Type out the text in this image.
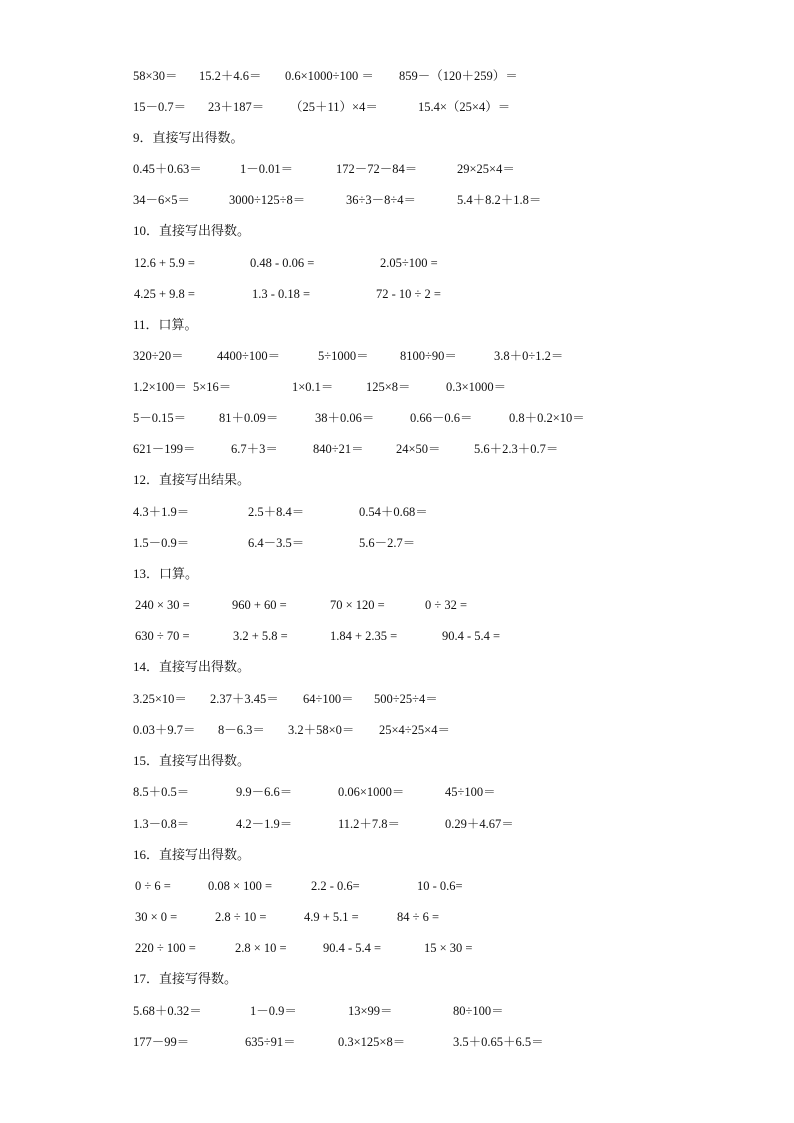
58×30＝ 15.2＋4.6＝ 0.6×1000÷100 ＝ 859－（120＋259）＝
15－0.7＝ 23＋187＝ （25＋11）×4＝	15.4×（25×4）＝
9．直接写出得数。
0.45＋0.63＝	1－0.01＝	172－72－84＝	29×25×4＝
34－6×5＝	3000÷125÷8＝	36÷3－8÷4＝	5.4＋8.2＋1.8＝
10．直接写出得数。
12.6 + 5.9 =	0.48 - 0.06 =	2.05÷100 =
4.25 + 9.8 =	1.3 - 0.18 =	72 - 10 ÷ 2 =
11．口算。
320÷20＝	4400÷100＝	5÷1000＝	8100÷90＝	3.8＋0÷1.2＝
1.2×100＝ 5×16＝	1×0.1＝	125×8＝	0.3×1000＝
5－0.15＝	81＋0.09＝	38＋0.06＝	0.66－0.6＝	0.8＋0.2×10＝
621－199＝	6.7＋3＝	840÷21＝	24×50＝	5.6＋2.3＋0.7＝
12．直接写出结果。
4.3＋1.9＝	2.5＋8.4＝	0.54＋0.68＝
1.5－0.9＝	6.4－3.5＝	5.6－2.7＝
13．口算。
240 × 30 =	960 + 60 =	70 × 120 =	0 ÷ 32 =
630 ÷ 70 =	3.2 + 5.8 =	1.84 + 2.35 =	90.4 - 5.4 =
14．直接写出得数。
3.25×10＝ 2.37＋3.45＝ 64÷100＝ 500÷25÷4＝
0.03＋9.7＝ 8－6.3＝ 3.2＋58×0＝ 25×4÷25×4＝
15．直接写出得数。
8.5＋0.5＝	9.9－6.6＝	0.06×1000＝	45÷100＝
1.3－0.8＝	4.2－1.9＝	11.2＋7.8＝	0.29＋4.67＝
16．直接写出得数。
0 ÷ 6 =	0.08 × 100 =	2.2 - 0.6=	10 - 0.6=
30 × 0 =	2.8 ÷ 10 =	4.9 + 5.1 =	84 ÷ 6 =
220 ÷ 100 =	2.8 × 10 =	90.4 - 5.4 =	15 × 30 =
17．直接写得数。
5.68＋0.32＝	1－0.9＝	13×99＝	80÷100＝
177－99＝	635÷91＝	0.3×125×8＝	3.5＋0.65＋6.5＝
